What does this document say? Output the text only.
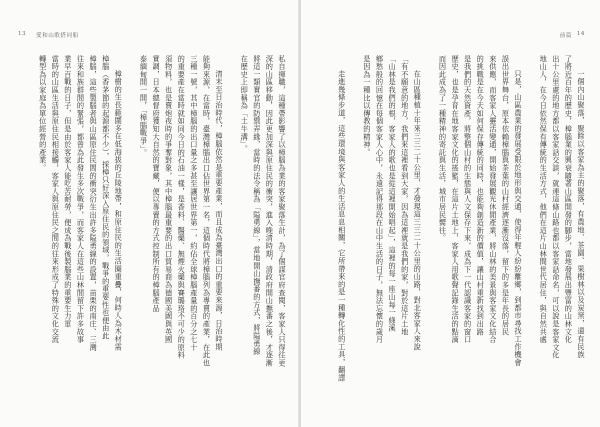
13 愛和山歌搭同船
私自揮職，這種帶影響了以樟腦為業的客家聚落生計，為了個謀官府查閱，客家人只得往更
深的山區移動，因此更加深與原住民的衝突，進入晚清時期，清政府開山撫番之後，才逐漸
將這一類實官的防禦弄緣，當時的法令稱為「隘勇線」，當地開山撫番的方式，將隘勇線
在歷史上即稱為「土牛溝」。
清末至日治時代，樟腦依然是重要產業，而且成為臺灣出口的重要來源，日治時期
能夠來源，在當時，臺灣樟腦出口佔世界第一名，這個時代將樟腦列為專賣的產業，在此也
三種一號，其中樟腦的出口量之多甚至讓居世界第一，約佔全球樟腦產量的百分之七十
的重要產在當時就如同今日的石油一樣，是香料、醫藥、無煙火藥與賽璐珞不可少的原料
須物料，也是賣炮夜時的爭奪對象，其中樟腦最重要的出口貿易商為德國美國與英國
實調，日本總督府獲知大自然的寶藏，便以專賣的方式控制所有的樟腦產品
泰緬甸開一開，「樟腦戰爭」。
樟樹的生長範圍多在低海拔的丘陵地帶，和原住民的生活圈重疊，何時人為木材需
樟腦（香茅節的起源都不少），採樟只好深入原住民的領域，戰爭的重要性也便由此
樟腦，這些製腦者與山區原住民間的衝突衍生出許多隘勇線的設置，苗栗的南庄、三灣
往來和族群間的緊張，都曾為此發生多次戰爭，而客家人在這些山林間留下許多故事
業早百戰的日子，但是由於客家人能吃苦耐勞，便成為戰後製腦業的重要生力軍
當時的山區生活與原住民相接觸，客家人與原住民之間的往來形成了特殊的文化交流
轉型為以家庭為單位經營的產業。
前篇 14
一個內山聚落，聚餘以客家為主的聚落，有農地、茶園、果樹林以及炭窯，還有民族
了將近百年的歷史，樟腦業的興衰隨著山區開發的腳步，當地發展出豐富的山林文化
出十公里處的地方都以客家話交談，就連這條山路也都以客家話命名，可以說是客家文化
地山人，在今日依然保有傳統的生活方式，他們在這片山林間世代居住，與自然共處
只是，山區農業的發展受限於地形與交通，使得年輕人紛紛離鄉，到都市尋找工作機會
誤出世界舞台，原本依賴樟腦與茶葉的山村經濟逐漸沒落，留下的多是年長的居民
來供應，而客家人靈活變通，開始發展觀光休閒產業，將山林的美景與客家文化結合
的挑戰是在今天如何保存傳統的同時，也能夠創造新的價值，讓山村重新找到出路
是我們的天然資產，將整個山村的生態與人文保存下來，成為下一代認識客家的窗口
歷史，也是孕育在地客家文化的搖籃，在這片土地上，客家人用歌聲記錄生活的點滴
而因此成為了一種精神的寄託與生活，城市居民嚮往。
在山區種植十年來三三二十公里，才發現這三三二十公里的山路，對北客家人來說
「有不願意的地方，我們來這裡看到大家，因為這裡就是我們的家，對於這片土地
「山林是我們的根，客家人的歌也是從這裡開始唱起」，這裡的每一座山每一條溪
鄉愁般的回憶在每個客家人心中，永遠記得那段在山中生活的日子，無法忘懷的歲月
是因為一種比以傳教的精神。
走進幾條步道，這些環境與客家人的生活息息相關，它所帶來的是一種轉化性的工具，翻譯
